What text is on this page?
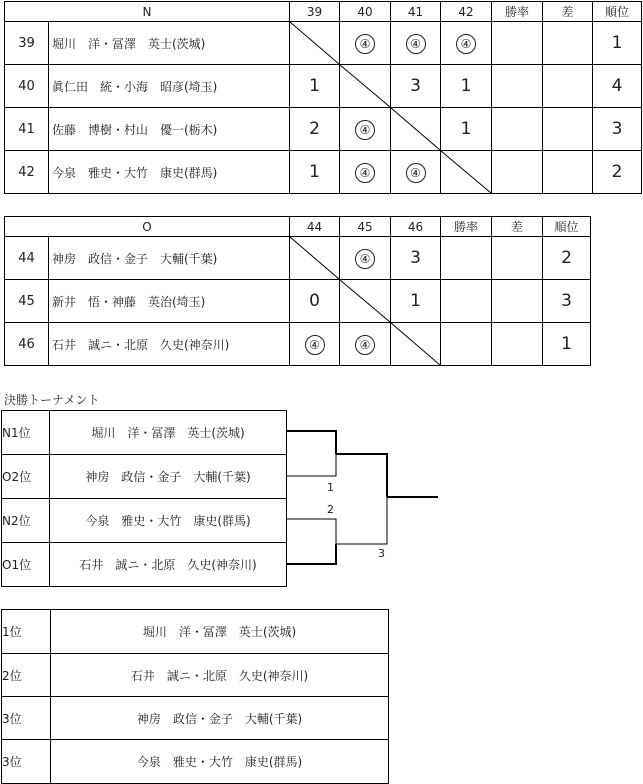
N		39	40	41	42	勝率	差	順位
39	堀川　洋・冨澤　英士(茨城)		④	④	④			1
40	眞仁田　統・小海　昭彦(埼玉)	1		3	1			4
41	佐藤　博樹・村山　優一(栃木)	2	④		1			3
42	今泉　雅史・大竹　康史(群馬)	1	④	④				2
O		44	45	46	勝率	差	順位
44	神房　政信・金子　大輔(千葉)		④	3			2
45	新井　悟・神藤　英治(埼玉)	0		1			3
46	石井　誠ニ・北原　久史(神奈川)	④	④				1
決勝トーナメント
N1位	堀川　洋・冨澤　英士(茨城)
O2位	神房　政信・金子　大輔(千葉)
N2位	今泉　雅史・大竹　康史(群馬)
O1位	石井　誠ニ・北原　久史(神奈川)
1
2
3
1位	堀川　洋・冨澤　英士(茨城)
2位	石井　誠ニ・北原　久史(神奈川)
3位	神房　政信・金子　大輔(千葉)
3位	今泉　雅史・大竹　康史(群馬)
